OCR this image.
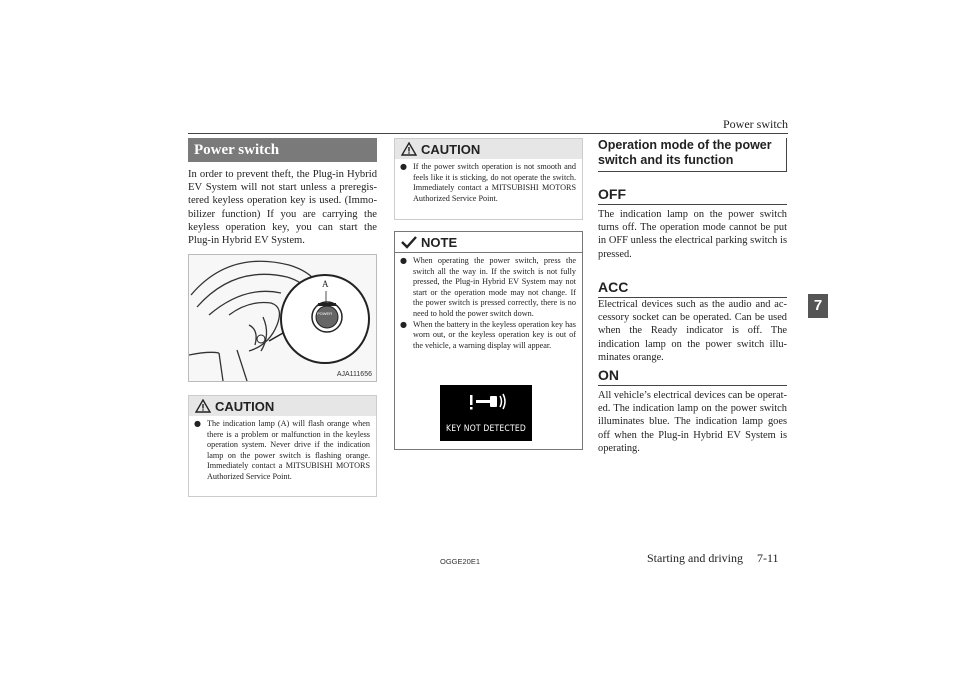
Power switch
7
Power switch
In order to prevent theft, the Plug-in Hybrid EV System will not start unless a preregistered keyless operation key is used. (Immobilizer function) If you are carrying the keyless operation key, you can start the Plug-in Hybrid EV System.
A
POWER
AJA111656
CAUTION
● The indication lamp (A) will flash orange when there is a problem or malfunction in the keyless operation system. Never drive if the indication lamp on the power switch is flashing orange. Immediately contact a MITSUBISHI MOTORS Authorized Service Point.
CAUTION
● If the power switch operation is not smooth and feels like it is sticking, do not operate the switch. Immediately contact a MITSUBISHI MOTORS Authorized Service Point.
NOTE
● When operating the power switch, press the switch all the way in. If the switch is not fully pressed, the Plug-in Hybrid EV System may not start or the operation mode may not change. If the power switch is pressed correctly, there is no need to hold the power switch down.
● When the battery in the keyless operation key has worn out, or the keyless operation key is out of the vehicle, a warning display will appear.
KEY NOT DETECTED
Operation mode of the power switch and its function
OFF
The indication lamp on the power switch turns off. The operation mode cannot be put in OFF unless the electrical parking switch is pressed.
ACC
Electrical devices such as the audio and accessory socket can be operated. Can be used when the Ready indicator is off. The indication lamp on the power switch illuminates orange.
ON
All vehicle’s electrical devices can be operated. The indication lamp on the power switch illuminates blue. The indication lamp goes off when the Plug-in Hybrid EV System is operating.
OGGE20E1	Starting and driving 7-11
